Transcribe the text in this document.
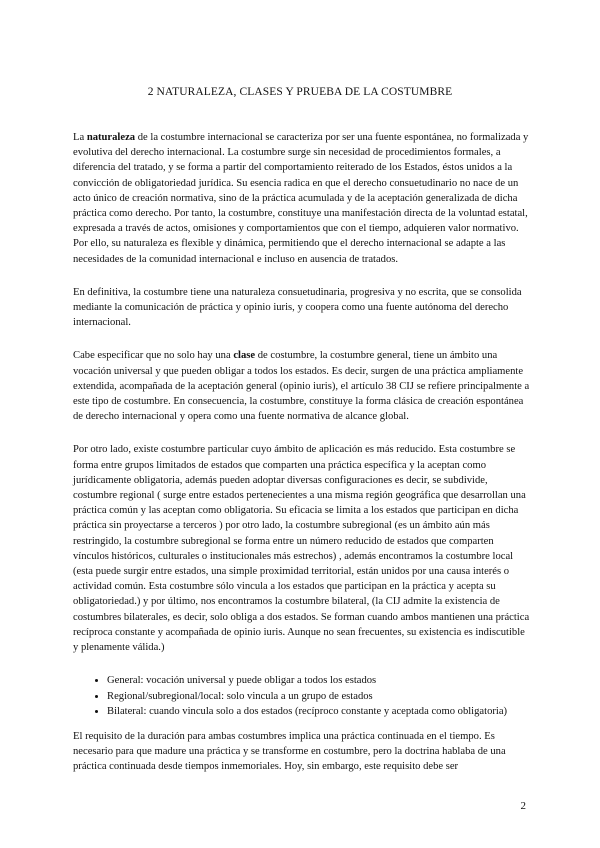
2 NATURALEZA, CLASES Y PRUEBA DE LA COSTUMBRE

La naturaleza de la costumbre internacional se caracteriza por ser una fuente espontánea, no formalizada y evolutiva del derecho internacional. La costumbre surge sin necesidad de procedimientos formales, a diferencia del tratado, y se forma a partir del comportamiento reiterado de los Estados, éstos unidos a la convicción de obligatoriedad jurídica. Su esencia radica en que el derecho consuetudinario no nace de un acto único de creación normativa, sino de la práctica acumulada y de la aceptación generalizada de dicha práctica como derecho. Por tanto, la costumbre, constituye una manifestación directa de la voluntad estatal, expresada a través de actos, omisiones y comportamientos que con el tiempo, adquieren valor normativo. Por ello, su naturaleza es flexible y dinámica, permitiendo que el derecho internacional se adapte a las necesidades de la comunidad internacional e incluso en ausencia de tratados.

En definitiva, la costumbre tiene una naturaleza consuetudinaria, progresiva y no escrita, que se consolida mediante la comunicación de práctica y opinio iuris, y coopera como una fuente autónoma del derecho internacional.

Cabe especificar que no solo hay una clase de costumbre, la costumbre general, tiene un ámbito una vocación universal y que pueden obligar a todos los estados. Es decir, surgen de una práctica ampliamente extendida, acompañada de la aceptación general (opinio iuris), el artículo 38 CIJ se refiere principalmente a este tipo de costumbre. En consecuencia, la costumbre, constituye la forma clásica de creación espontánea de derecho internacional y opera como una fuente normativa de alcance global.

Por otro lado, existe costumbre particular cuyo ámbito de aplicación es más reducido. Esta costumbre se forma entre grupos limitados de estados que comparten una práctica específica y la aceptan como jurídicamente obligatoria, además pueden adoptar diversas configuraciones es decir, se subdivide, costumbre regional ( surge entre estados pertenecientes a una misma región geográfica que desarrollan una práctica común y las aceptan como obligatoria. Su eficacia se limita a los estados que participan en dicha práctica sin proyectarse a terceros ) por otro lado, la costumbre subregional (es un ámbito aún más restringido, la costumbre subregional se forma entre un número reducido de estados que comparten vínculos históricos, culturales o institucionales más estrechos) , además encontramos la costumbre local (esta puede surgir entre estados, una simple proximidad territorial, están unidos por una causa interés o actividad común. Esta costumbre sólo vincula a los estados que participan en la práctica y acepta su obligatoriedad.) y por último, nos encontramos la costumbre bilateral, (la CIJ admite la existencia de costumbres bilaterales, es decir, solo obliga a dos estados. Se forman cuando ambos mantienen una práctica recíproca constante y acompañada de opinio iuris. Aunque no sean frecuentes, su existencia es indiscutible y plenamente válida.)

• General: vocación universal y puede obligar a todos los estados
• Regional/subregional/local: solo vincula a un grupo de estados
• Bilateral: cuando vincula solo a dos estados (recíproco constante y aceptada como obligatoria)

El requisito de la duración para ambas costumbres implica una práctica continuada en el tiempo. Es necesario para que madure una práctica y se transforme en costumbre, pero la doctrina hablaba de una práctica continuada desde tiempos inmemoriales. Hoy, sin embargo, este requisito debe ser

2
